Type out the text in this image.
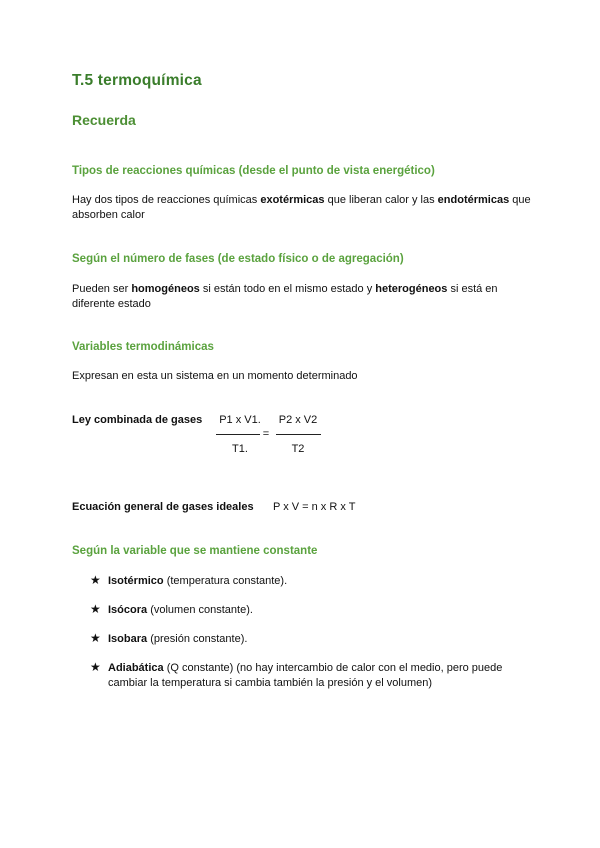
T.5 termoquímica
Recuerda
Tipos de reacciones químicas (desde el punto de vista energético)
Hay dos tipos de reacciones químicas exotérmicas que liberan calor y las endotérmicas que absorben calor
Según el número de fases (de estado físico o de agregación)
Pueden ser homogéneos si están todo en el mismo estado y heterogéneos si está en diferente estado
Variables termodinámicas
Expresan en esta un sistema en un momento determinado
Ley combinada de gases	P1 x V1.
T1.
=
P2 x V2
T2
Ecuación general de gases ideales P x V = n x R x T
Según la variable que se mantiene constante
★ Isotérmico (temperatura constante).
★ Isócora (volumen constante).
★ Isobara (presión constante).
★ Adiabática (Q constante) (no hay intercambio de calor con el medio, pero puede cambiar la temperatura si cambia también la presión y el volumen)
